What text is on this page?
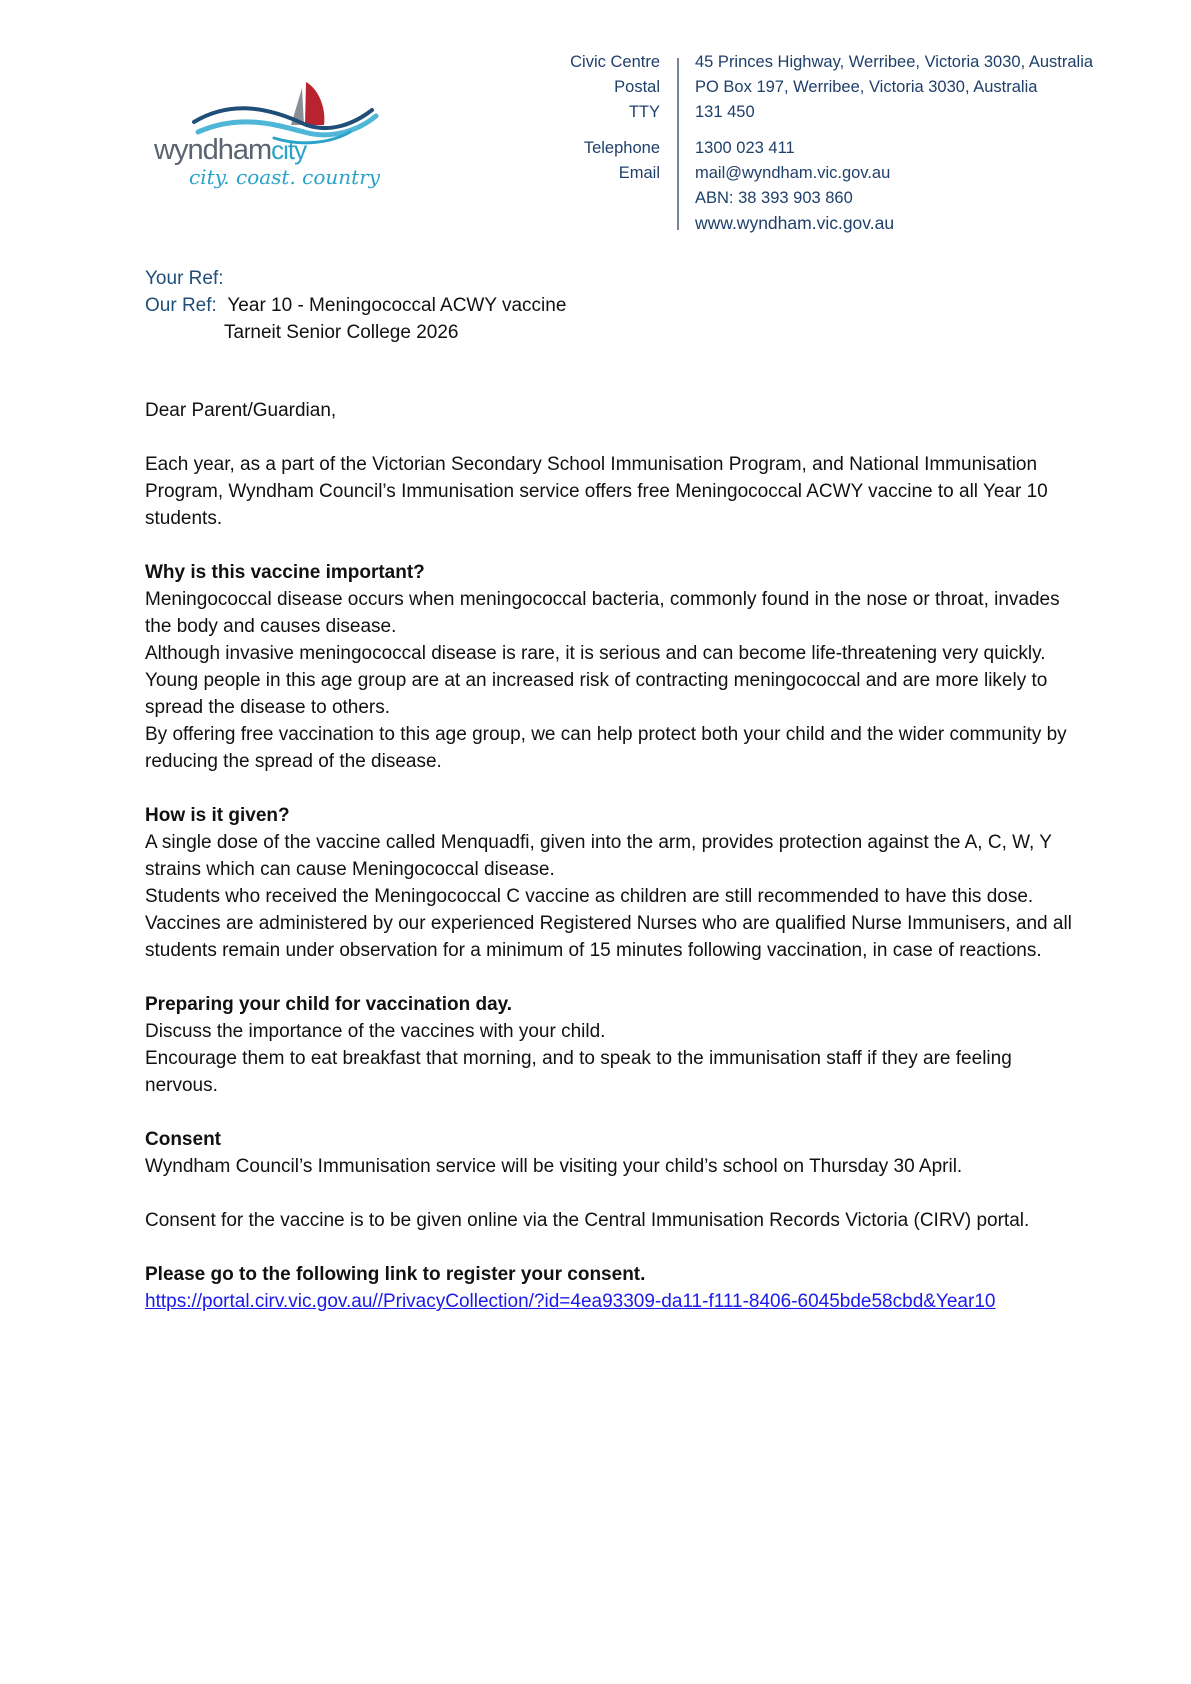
wyndhamcity
city. coast. country
Civic Centre
Postal
TTY
Telephone
Email
45 Princes Highway, Werribee, Victoria 3030, Australia
PO Box 197, Werribee, Victoria 3030, Australia
131 450
1300 023 411
mail@wyndham.vic.gov.au
ABN: 38 393 903 860
www.wyndham.vic.gov.au
Your Ref:
Our Ref: Year 10 - Meningococcal ACWY vaccine
Tarneit Senior College 2026

Dear Parent/Guardian,

Each year, as a part of the Victorian Secondary School Immunisation Program, and National Immunisation Program, Wyndham Council’s Immunisation service offers free Meningococcal ACWY vaccine to all Year 10 students.

Why is this vaccine important?

Meningococcal disease occurs when meningococcal bacteria, commonly found in the nose or throat, invades the body and causes disease.

Although invasive meningococcal disease is rare, it is serious and can become life-threatening very quickly.

Young people in this age group are at an increased risk of contracting meningococcal and are more likely to spread the disease to others.

By offering free vaccination to this age group, we can help protect both your child and the wider community by reducing the spread of the disease.

How is it given?

A single dose of the vaccine called Menquadfi, given into the arm, provides protection against the A, C, W, Y strains which can cause Meningococcal disease.

Students who received the Meningococcal C vaccine as children are still recommended to have this dose.

Vaccines are administered by our experienced Registered Nurses who are qualified Nurse Immunisers, and all students remain under observation for a minimum of 15 minutes following vaccination, in case of reactions.

Preparing your child for vaccination day.

Discuss the importance of the vaccines with your child.

Encourage them to eat breakfast that morning, and to speak to the immunisation staff if they are feeling nervous.

Consent

Wyndham Council’s Immunisation service will be visiting your child’s school on Thursday 30 April.

Consent for the vaccine is to be given online via the Central Immunisation Records Victoria (CIRV) portal.

Please go to the following link to register your consent.

https://portal.cirv.vic.gov.au//PrivacyCollection/?id=4ea93309-da11-f111-8406-6045bde58cbd&Year10
